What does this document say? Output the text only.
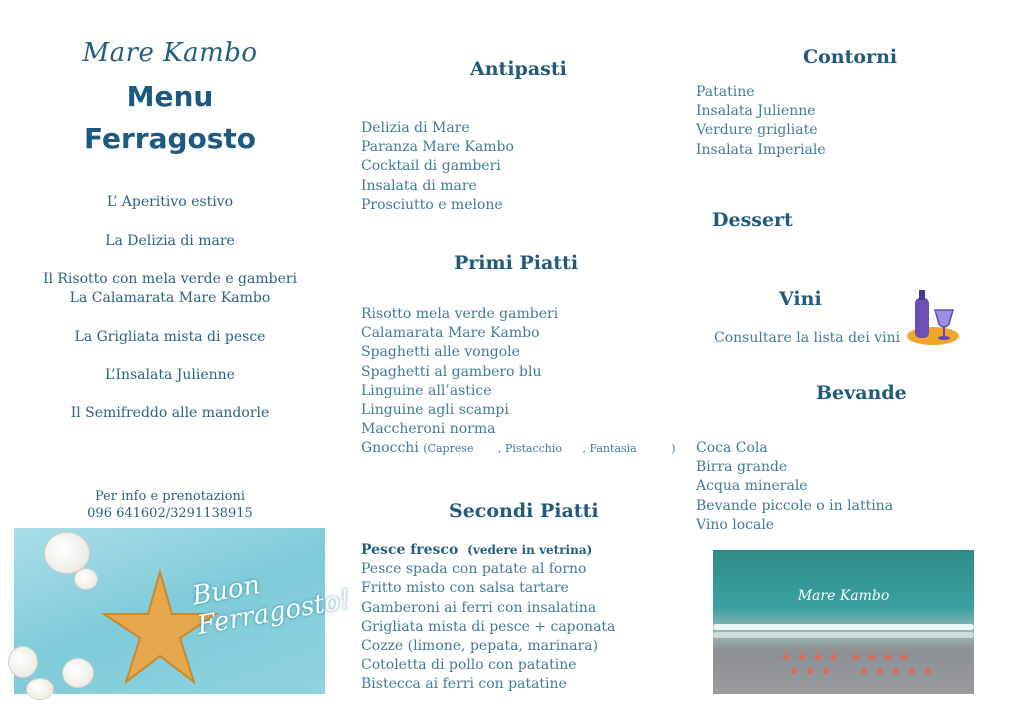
Mare Kambo
Menu
Ferragosto
L’ Aperitivo estivo
La Delizia di mare
Il Risotto con mela verde e gamberi
La Calamarata Mare Kambo
La Grigliata mista di pesce
L’Insalata Julienne
Il Semifreddo alle mandorle
Per info e prenotazioni
096 641602/3291138915
Buon Ferragosto!
Antipasti
Delizia di Mare
Paranza Mare Kambo
Cocktail di gamberi
Insalata di mare
Prosciutto e melone
Primi Piatti
Risotto mela verde gamberi
Calamarata Mare Kambo
Spaghetti alle vongole
Spaghetti al gambero blu
Linguine all’astice
Linguine agli scampi
Maccheroni norma
Gnocchi (Caprese , Pistacchio , Fantasia	)
Secondi Piatti
Pesce fresco (vedere in vetrina)
Pesce spada con patate al forno
Fritto misto con salsa tartare
Gamberoni ai ferri con insalatina
Grigliata mista di pesce + caponata
Cozze (limone, pepata, marinara)
Cotoletta di pollo con patatine
Bistecca ai ferri con patatine
Contorni
Patatine
Insalata Julienne
Verdure grigliate
Insalata Imperiale
Dessert
Vini
Consultare la lista dei vini
Bevande
Coca Cola
Birra grande
Acqua minerale
Bevande piccole o in lattina
Vino locale
Mare Kambo
